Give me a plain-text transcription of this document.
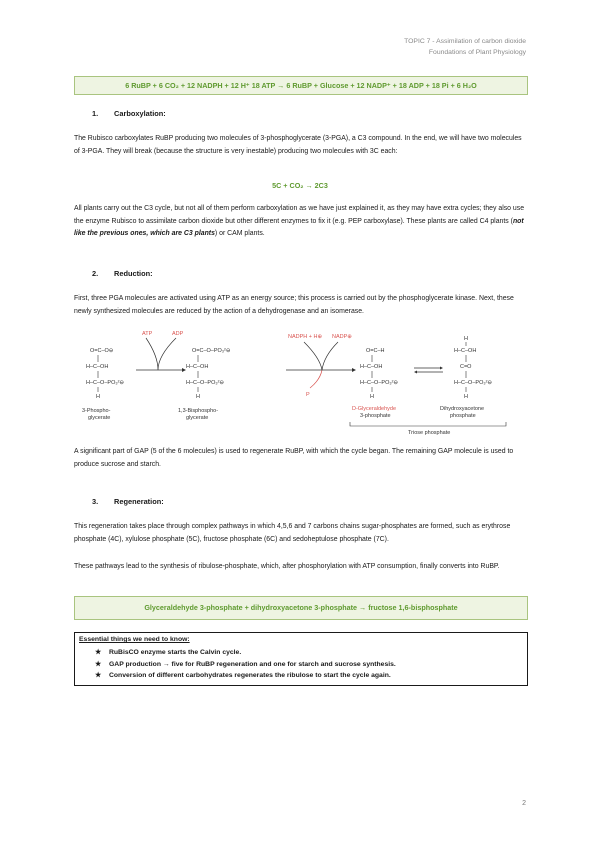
TOPIC 7 - Assimilation of carbon dioxide
Foundations of Plant Physiology
6 RuBP + 6 CO₂ + 12 NADPH + 12 H⁺ 18 ATP → 6 RuBP + Glucose + 12 NADP⁺ + 18 ADP + 18 Pi + 6 H₂O
1. Carboxylation:
The Rubisco carboxylates RuBP producing two molecules of 3-phosphoglycerate (3-PGA), a C3 compound. In the end, we will have two molecules of 3-PGA. They will break (because the structure is very inestable) producing two molecules with 3C each:
5C + CO₂ → 2C3
All plants carry out the C3 cycle, but not all of them perform carboxylation as we have just explained it, as they may have extra cycles; they also use the enzyme Rubisco to assimilate carbon dioxide but other different enzymes to fix it (e.g. PEP carboxylase). These plants are called C4 plants (not like the previous ones, which are C3 plants) or CAM plants.
2. Reduction:
First, three PGA molecules are activated using ATP as an energy source; this process is carried out by the phosphoglycerate kinase. Next, these newly synthesized molecules are reduced by the action of a dehydrogenase and an isomerase.
O=C–O⊖
H–C–OH
H–C–O–PO₃²⊖
H
3-Phospho-
glycerate
ATP	ADP
O=C–O–PO₃²⊖
H–C–OH
H–C–O–PO₃²⊖
H
1,3-Bisphospho-
glycerate
NADPH + H⊕ NADP⊕
P
O=C–H
H–C–OH
H–C–O–PO₃²⊖
H
D-Glyceraldehyde
3-phosphate
H
H–C–OH
C=O
H–C–O–PO₃²⊖
H
Dihydroxyacetone
phosphate
Triose phosphate
A significant part of GAP (5 of the 6 molecules) is used to regenerate RuBP, with which the cycle began. The remaining GAP molecule is used to produce sucrose and starch.
3. Regeneration:
This regeneration takes place through complex pathways in which 4,5,6 and 7 carbons chains sugar-phosphates are formed, such as erythrose phosphate (4C), xylulose phosphate (5C), fructose phosphate (6C) and sedoheptulose phosphate (7C).
These pathways lead to the synthesis of ribulose-phosphate, which, after phosphorylation with ATP consumption, finally converts into RuBP.
Glyceraldehyde 3-phosphate + dihydroxyacetone 3-phosphate → fructose 1,6-bisphosphate
Essential things we need to know:
★ RuBisCO enzyme starts the Calvin cycle.
★ GAP production → five for RuBP regeneration and one for starch and sucrose synthesis.
★ Conversion of different carbohydrates regenerates the ribulose to start the cycle again.
2
